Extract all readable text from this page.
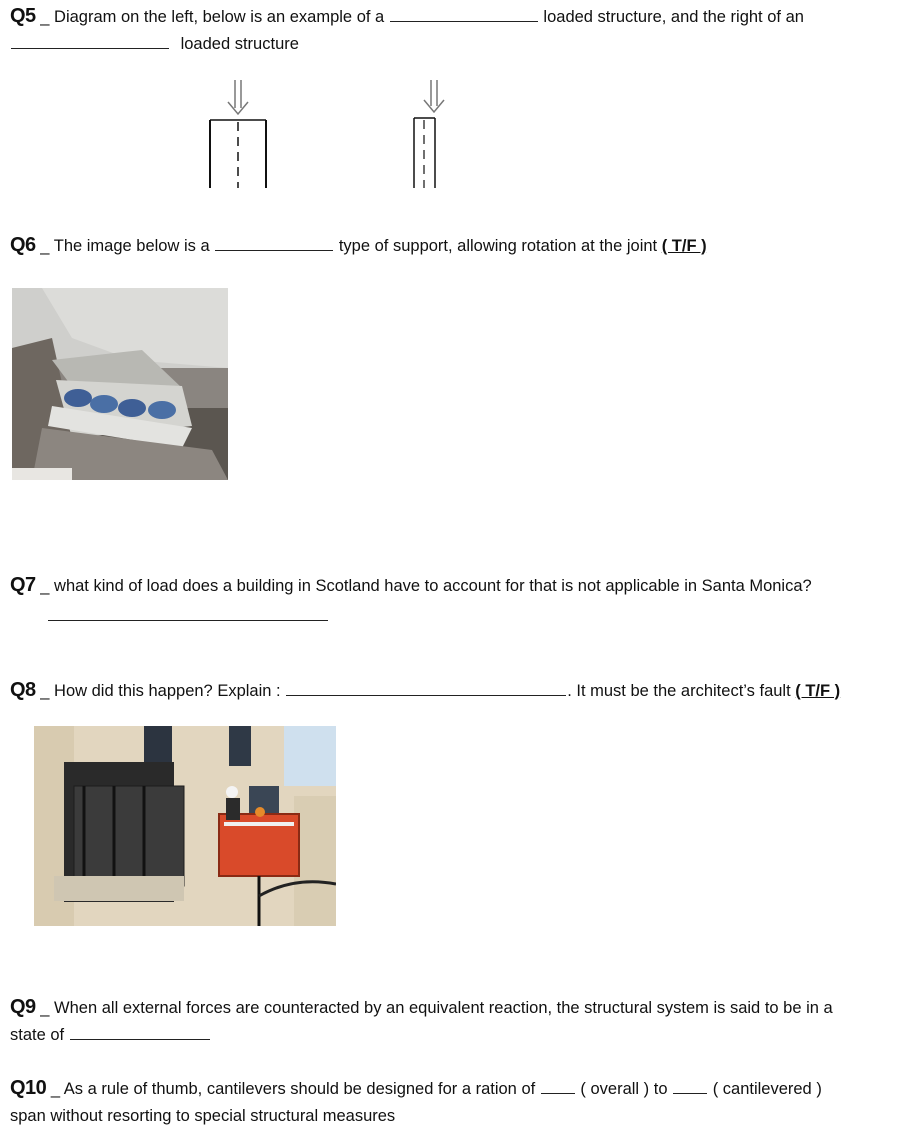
Q5 _ Diagram on the left, below is an example of a	loaded structure, and the right of an
loaded structure
Q6 _ The image below is a	type of support, allowing rotation at the joint ( T/F )
Q7 _ what kind of load does a building in Scotland have to account for that is not applicable in Santa Monica?
Q8 _ How did this happen? Explain :	. It must be the architect’s fault ( T/F )
Q9 _ When all external forces are counteracted by an equivalent reaction, the structural system is said to be in a
state of
Q10 _ As a rule of thumb, cantilevers should be designed for a ration of	( overall ) to	( cantilevered )
span without resorting to special structural measures
